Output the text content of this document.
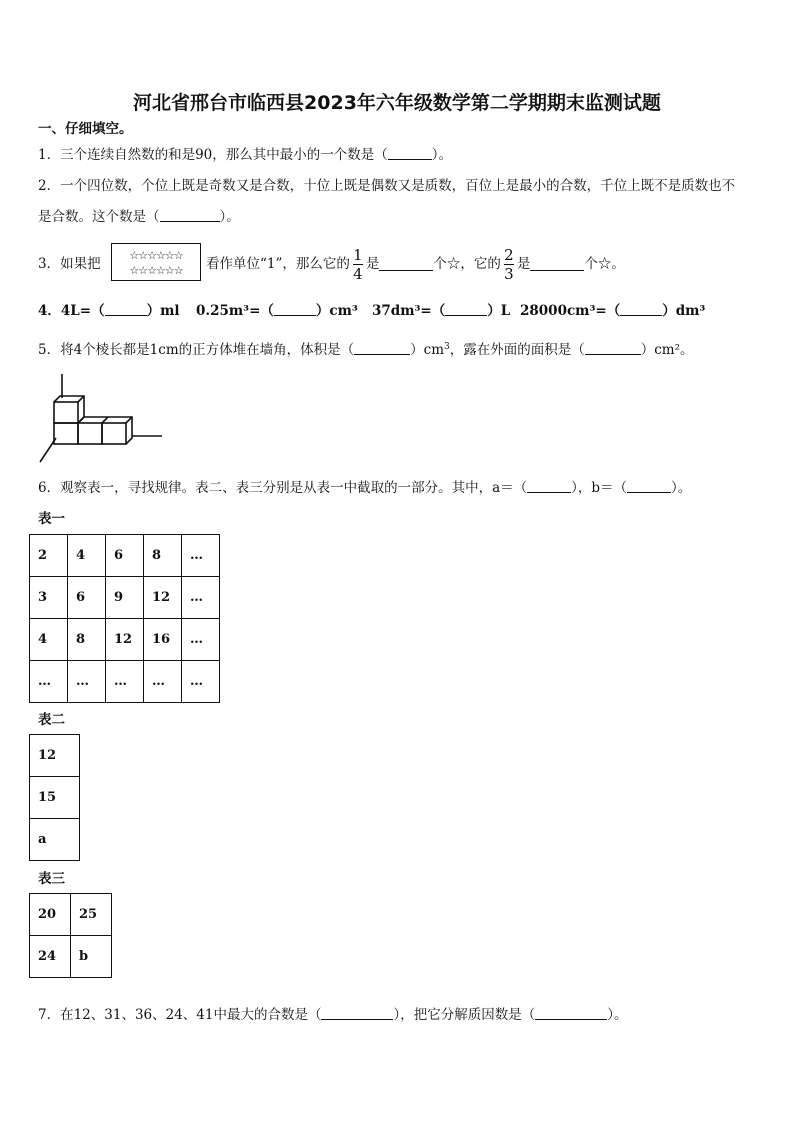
河北省邢台市临西县2023年六年级数学第二学期期末监测试题
一、仔细填空。
1．三个连续自然数的和是90，那么其中最小的一个数是（	）。
2．一个四位数，个位上既是奇数又是合数，十位上既是偶数又是质数，百位上是最小的合数，千位上既不是质数也不
是合数。这个数是（	）。
3．如果把
☆☆☆☆☆☆
☆☆☆☆☆☆	看作单位“1”，那么它的 $\frac{1}{4}$ 是	个☆，它的 $\frac{2}{3}$ 是	个☆。
4．4L=（	）ml 0.25m³=（	）cm³ 37dm³=（	）L 28000cm³=（	）dm³
5．将4个棱长都是1cm的正方体堆在墙角，体积是（	）$cm^3$，露在外面的面积是（	）cm²。
6．观察表一，寻找规律。表二、表三分别是从表一中截取的一部分。其中，a＝（	），b＝（	）。
表一
2	4	6	8	…
3	6	9	12	…
4	8	12	16	…
…	…	…	…	…
表二
12
15
a
表三
20	25
24	b
7．在12、31、36、24、41中最大的合数是（	），把它分解质因数是（	）。
